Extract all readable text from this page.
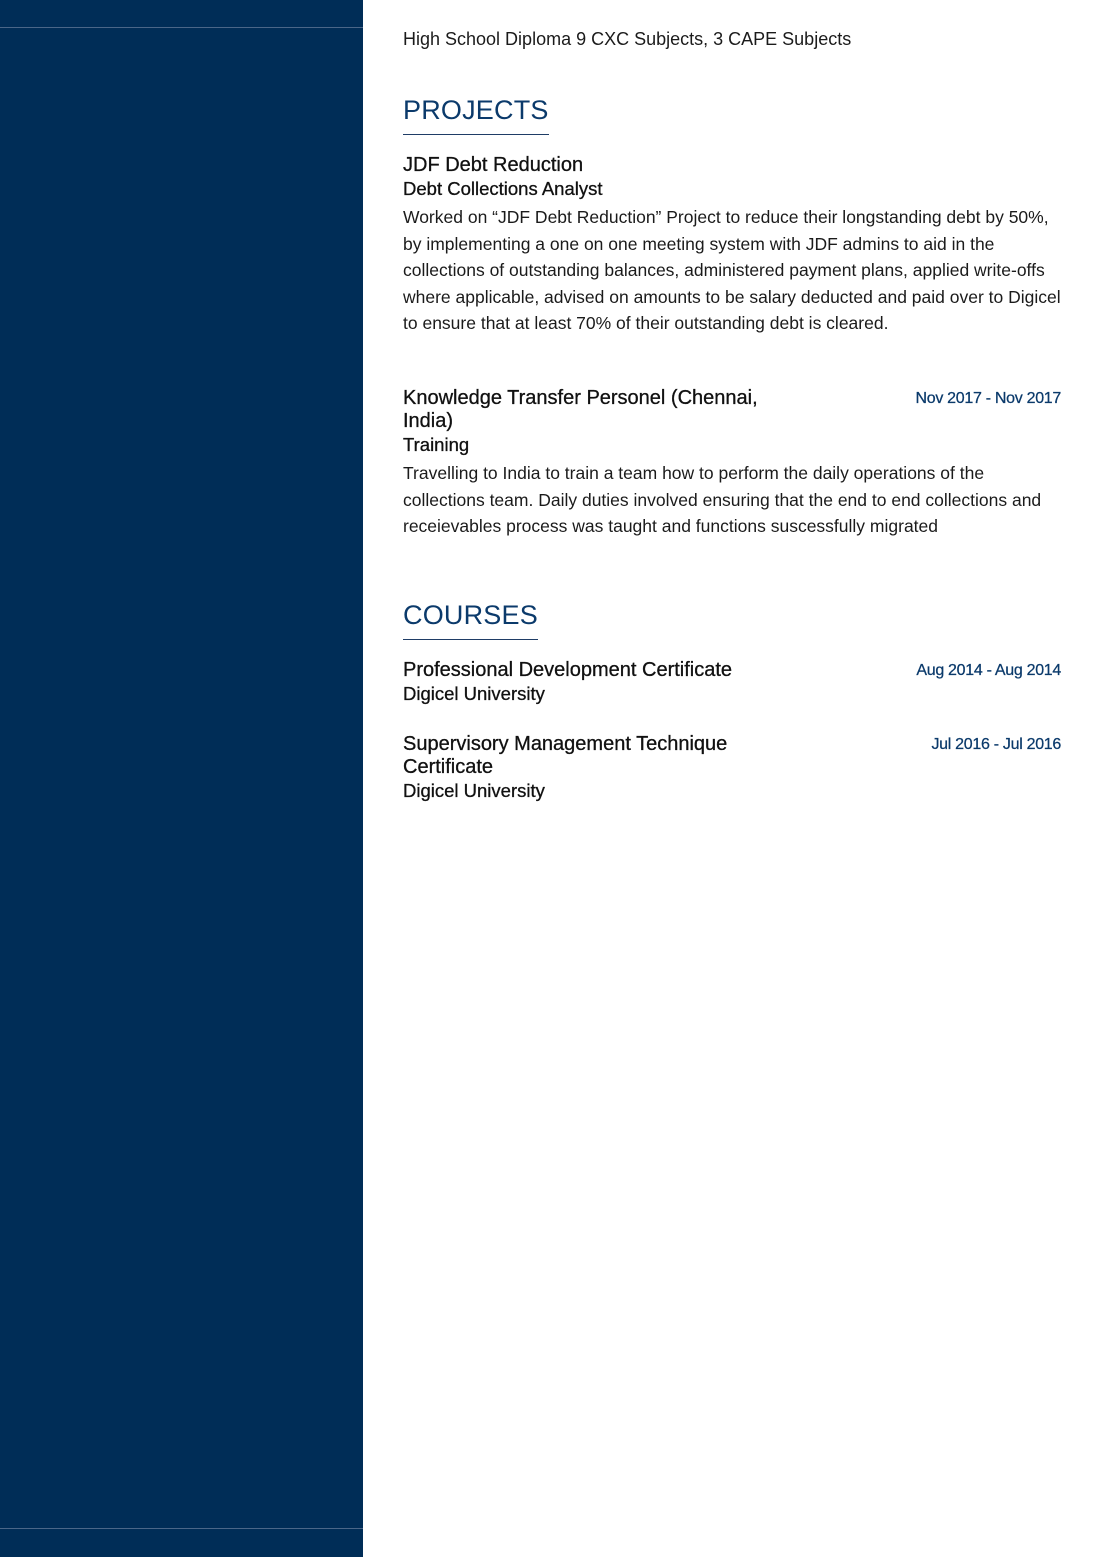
High School Diploma 9 CXC Subjects, 3 CAPE Subjects
PROJECTS
JDF Debt Reduction
Debt Collections Analyst
Worked on “JDF Debt Reduction” Project to reduce their longstanding debt by 50%, by implementing a one on one meeting system with JDF admins to aid in the collections of outstanding balances, administered payment plans, applied write-offs where applicable, advised on amounts to be salary deducted and paid over to Digicel to ensure that at least 70% of their outstanding debt is cleared.
Knowledge Transfer Personel (Chennai, India)
Nov 2017 - Nov 2017
Training
Travelling to India to train a team how to perform the daily operations of the collections team. Daily duties involved ensuring that the end to end collections and receievables process was taught and functions suscessfully migrated
COURSES
Professional Development Certificate	Aug 2014 - Aug 2014
Digicel University
Supervisory Management Technique Certificate
Jul 2016 - Jul 2016
Digicel University
